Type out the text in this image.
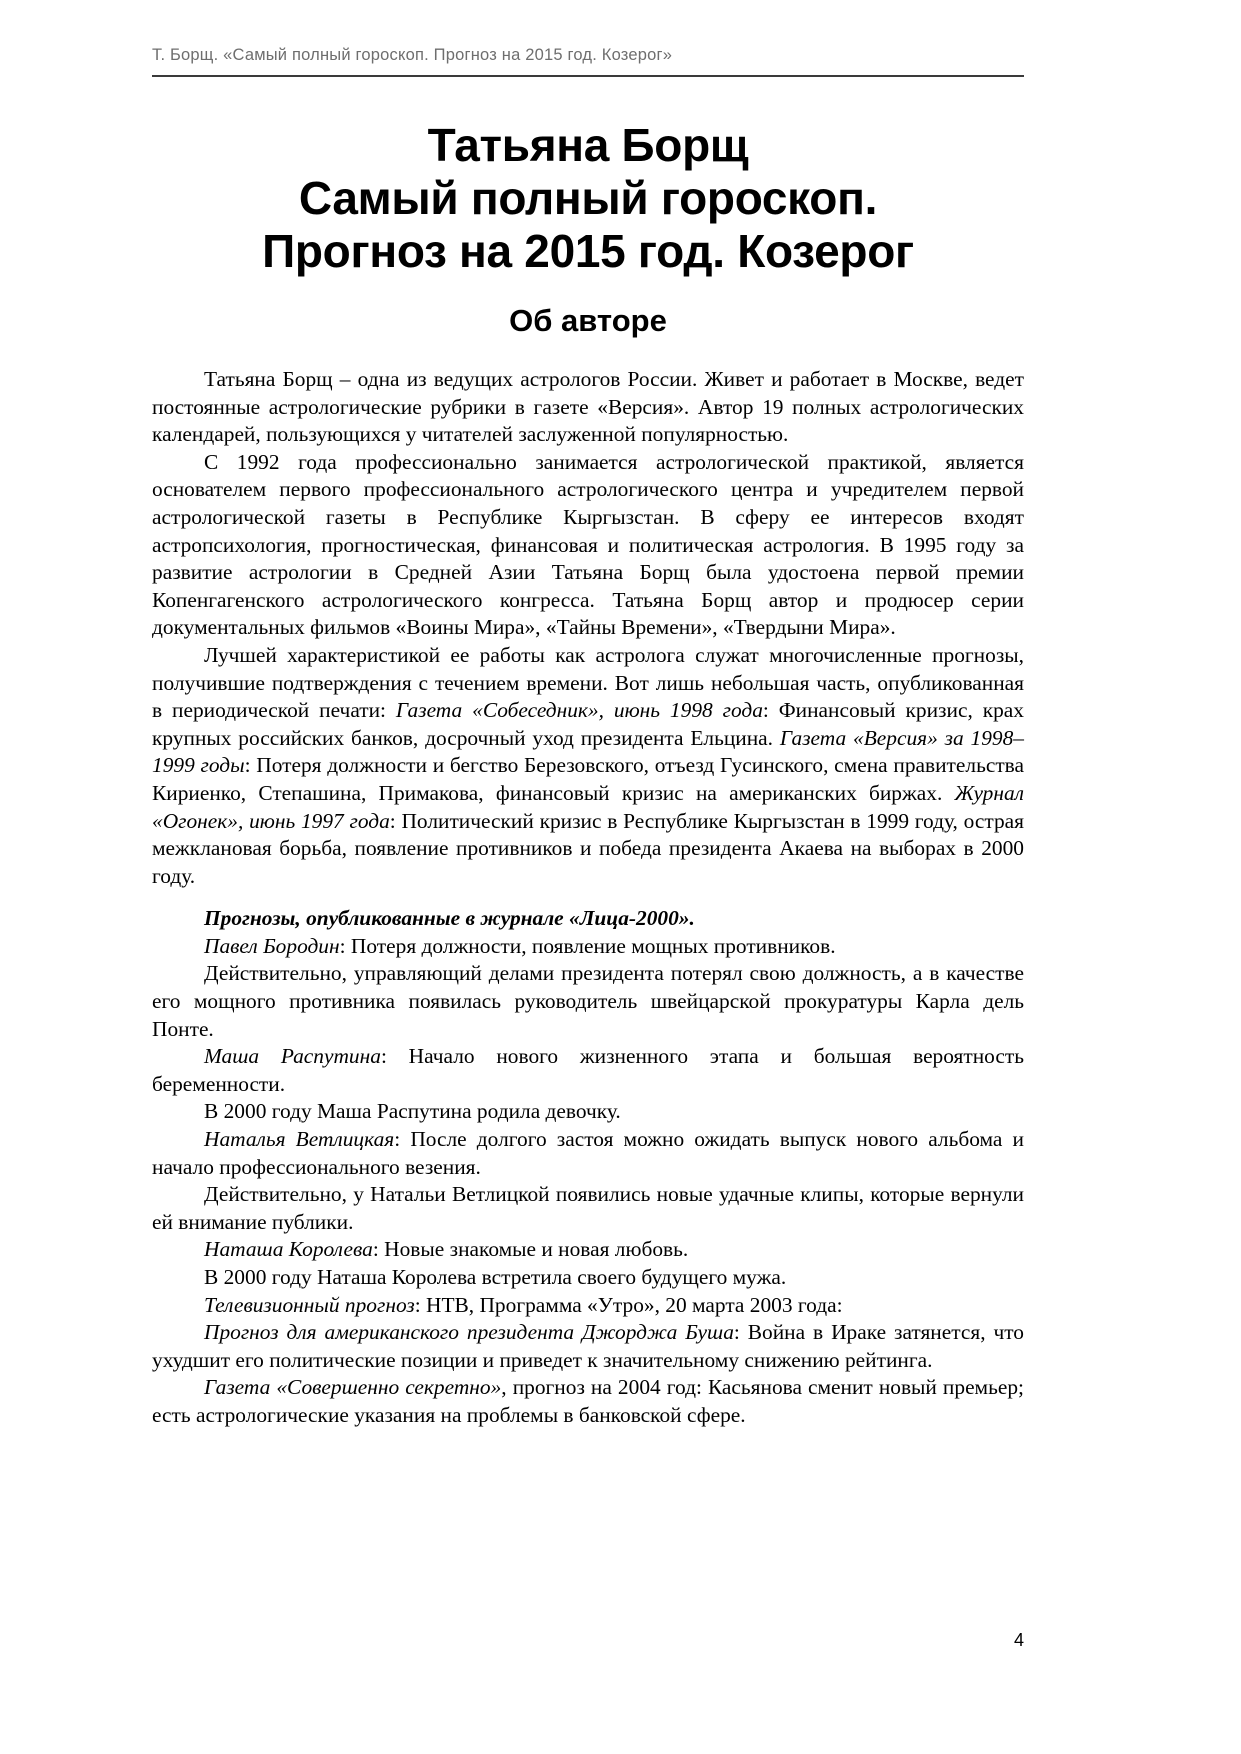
Т. Борщ. «Самый полный гороскоп. Прогноз на 2015 год. Козерог»
Татьяна Борщ
Самый полный гороскоп.
Прогноз на 2015 год. Козерог
Об авторе

Татьяна Борщ – одна из ведущих астрологов России. Живет и работает в Москве, ведет постоянные астрологические рубрики в газете «Версия». Автор 19 полных астрологических календарей, пользующихся у читателей заслуженной популярностью.

С 1992 года профессионально занимается астрологической практикой, является основателем первого профессионального астрологического центра и учредителем первой астрологической газеты в Республике Кыргызстан. В сферу ее интересов входят астропсихология, прогностическая, финансовая и политическая астрология. В 1995 году за развитие астрологии в Средней Азии Татьяна Борщ была удостоена первой премии Копенгагенского астрологического конгресса. Татьяна Борщ автор и продюсер серии документальных фильмов «Воины Мира», «Тайны Времени», «Твердыни Мира».

Лучшей характеристикой ее работы как астролога служат многочисленные прогнозы, получившие подтверждения с течением времени. Вот лишь небольшая часть, опубликованная в периодической печати: Газета «Собеседник», июнь 1998 года: Финансовый кризис, крах крупных российских банков, досрочный уход президента Ельцина. Газета «Версия» за 1998–1999 годы: Потеря должности и бегство Березовского, отъезд Гусинского, смена правительства Кириенко, Степашина, Примакова, финансовый кризис на американских биржах. Журнал «Огонек», июнь 1997 года: Политический кризис в Республике Кыргызстан в 1999 году, острая межклановая борьба, появление противников и победа президента Акаева на выборах в 2000 году.

Прогнозы, опубликованные в журнале «Лица-2000».

Павел Бородин: Потеря должности, появление мощных противников.

Действительно, управляющий делами президента потерял свою должность, а в качестве его мощного противника появилась руководитель швейцарской прокуратуры Карла дель Понте.

Маша Распутина: Начало нового жизненного этапа и большая вероятность беременности.

В 2000 году Маша Распутина родила девочку.

Наталья Ветлицкая: После долгого застоя можно ожидать выпуск нового альбома и начало профессионального везения.

Действительно, у Натальи Ветлицкой появились новые удачные клипы, которые вернули ей внимание публики.

Наташа Королева: Новые знакомые и новая любовь.

В 2000 году Наташа Королева встретила своего будущего мужа.

Телевизионный прогноз: НТВ, Программа «Утро», 20 марта 2003 года:

Прогноз для американского президента Джорджа Буша: Война в Ираке затянется, что ухудшит его политические позиции и приведет к значительному снижению рейтинга.

Газета «Совершенно секретно», прогноз на 2004 год: Касьянова сменит новый премьер; есть астрологические указания на проблемы в банковской сфере.

4
